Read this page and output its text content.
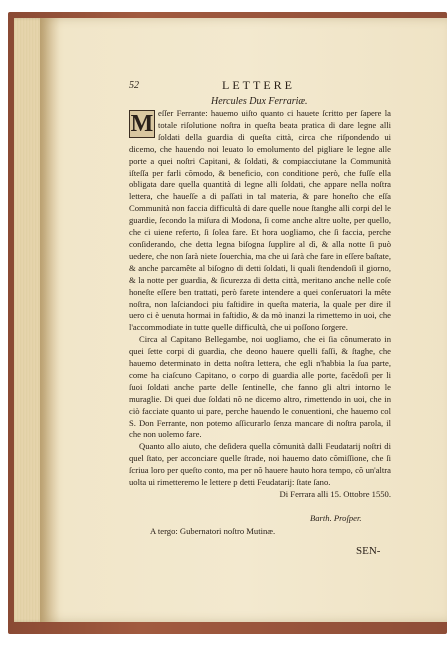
52	LETTERE
Hercules Dux Ferrariæ.
M eſſer Ferrante: hauemo uiſto quanto ci hauete ſcritto per ſapere la totale riſolutione noſtra in queſta beata pratica di dare legne alli ſoldati della guardia di queſta città, circa che riſpondendo ui dicemo, che hauendo noi leuato lo emolumento del pigliare le legne alle porte a quei noſtri Capitani, & ſoldati, & compiacciutane la Communità iſteſſa per farli cõmodo, & beneficio, con conditione però, che fuſſe ella obligata dare quella quantità di legne alli ſoldati, che appare nella noſtra lettera, che haueſſe a di paſſati in tal materia, & pare honeſto che eſſa Communità non faccia difficultà di dare quelle noue ſtanghe alli corpi del le guardie, ſecondo la miſura di Modona, ſi come anche altre uolte, per quello, che ci uiene referto, ſi ſolea fare. Et hora uogliamo, che ſi faccia, perche conſiderando, che detta legna biſogna ſupplire al dì, & alla notte ſi può uedere, che non ſarà niete ſouerchia, ma che ui ſarà che fare in eſſere baſtate, & anche parcamête al biſogno di detti ſoldati, li quali ſtendendoſi il giorno, & la notte per guardia, & ſicurezza di detta città, meritano anche nelle coſe honeſte eſſere ben trattati, però farete intendere a quei conſeruatori la mête noſtra, non laſciandoci piu faſtidire in queſta materia, la quale per dire il uero ci è uenuta hormai in faſtidio, & da mò inanzi la rimettemo in uoi, che l'accommodiate in tutte quelle difficultà, che ui poſſono ſorgere.

Circa al Capitano Bellegambe, noi uogliamo, che ei ſia cõnumerato in quei ſette corpi di guardia, che deono hauere quelli faſſi, & ſtaghe, che hauemo determinato in detta noſtra lettera, che egli n'habbia la ſua parte, come ha ciaſcuno Capitano, o corpo di guardia alle porte, facẽdoſi per li ſuoi ſoldati anche parte delle ſentinelle, che fanno gli altri intorno le muraglie. Di quei due ſoldati nõ ne dicemo altro, rimettendo in uoi, che in ciò facciate quanto ui pare, perche hauendo le conuentioni, che hauemo col S. Don Ferrante, non potemo aſſicurarlo ſenza mancare di noſtra parola, il che non uolemo fare.

Quanto allo aiuto, che deſidera quella cõmunità dalli Feudatarij noſtri di quel ſtato, per acconciare quelle ſtrade, noi hauemo dato cõmiſſione, che ſi ſcriua loro per queſto conto, ma per nõ hauere hauto hora tempo, cõ un'altra uolta ui rimetteremo le lettere p detti Feudatarij: ſtate ſano.

Di Ferrara alli 15. Ottobre 1550.

Barth. Proſper.
A tergo: Gubernatori noſtro Mutinæ.
SEN-
